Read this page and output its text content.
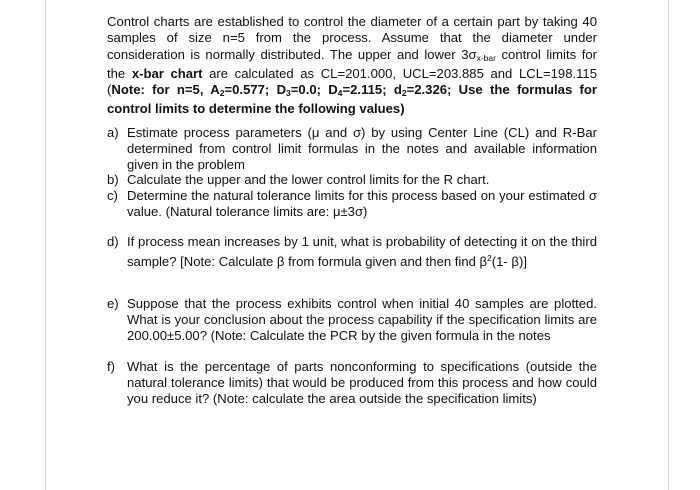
Control charts are established to control the diameter of a certain part by taking 40 samples of size n=5 from the process. Assume that the diameter under consideration is normally distributed. The upper and lower $3\sigma_{x-bar}$ control limits for the x-bar chart are calculated as CL=201.000, UCL=203.885 and LCL=198.115 (Note: for n=5, $A_2=0.577$; $D_3=0.0$; $D_4=2.115$; $d_2=2.326$; Use the formulas for control limits to determine the following values)
a) Estimate process parameters (μ and σ) by using Center Line (CL) and R-Bar determined from control limit formulas in the notes and available information given in the problem
b) Calculate the upper and the lower control limits for the R chart.
c) Determine the natural tolerance limits for this process based on your estimated σ value. (Natural tolerance limits are: μ±3σ)
d) If process mean increases by 1 unit, what is probability of detecting it on the third sample? [Note: Calculate β from formula given and then find $\beta^2(1-$ β)]
e) Suppose that the process exhibits control when initial 40 samples are plotted. What is your conclusion about the process capability if the specification limits are 200.00±5.00? (Note: Calculate the PCR by the given formula in the notes
f) What is the percentage of parts nonconforming to specifications (outside the natural tolerance limits) that would be produced from this process and how could you reduce it? (Note: calculate the area outside the specification limits)
